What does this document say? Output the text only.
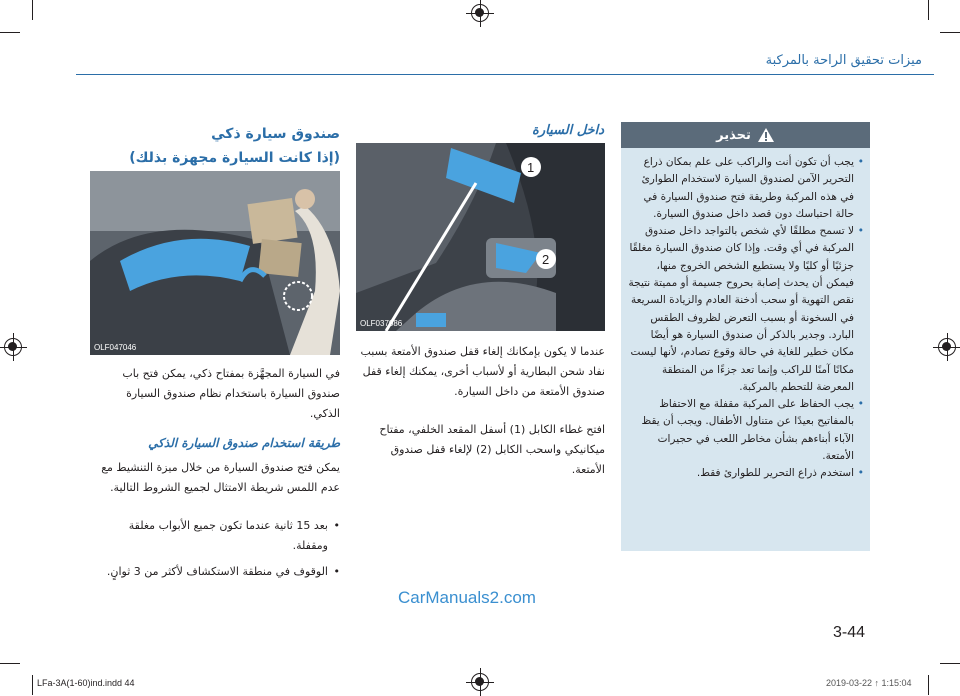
ميزات تحقيق الراحة بالمركبة
تحذير
• يجب أن تكون أنت والراكب على علم بمكان ذراع التحرير الآمن لصندوق السيارة لاستخدام الطوارئ في هذه المركبة وطريقة فتح صندوق السيارة في حالة احتباسك دون قصد داخل صندوق السيارة.
• لا تسمح مطلقًا لأي شخص بالتواجد داخل صندوق المركبة في أي وقت. وإذا كان صندوق السيارة مغلقًا جزئيًا أو كليًا ولا يستطيع الشخص الخروج منها، فيمكن أن يحدث إصابة بحروح جسيمة أو مميتة نتيجة نقص التهوية أو سحب أدخنة العادم والزيادة السريعة في السخونة أو بسبب التعرض لظروف الطقس البارد. وجدير بالذكر أن صندوق السيارة هو أيضًا مكان خطير للغاية في حالة وقوع تصادم، لأنها ليست مكانًا آمنًا للراكب وإنما تعد جزءًا من المنطقة المعرضة للتحطم بالمركبة.
• يجب الحفاظ على المركبة مقفلة مع الاحتفاظ بالمفاتيح بعيدًا عن متناول الأطفال. ويجب أن يقظ الآباء أبناءهم بشأن مخاطر اللعب في حجيرات الأمتعة.
• استخدم ذراع التحرير للطوارئ فقط.
داخل السيارة
1
2
OLF037086
عندما لا يكون بإمكانك إلغاء قفل صندوق الأمتعة بسبب نفاد شحن البطارية أو لأسباب أخرى، يمكنك إلغاء قفل صندوق الأمتعة من داخل السيارة.
افتح غطاء الكابل (1) أسفل المقعد الخلفي، مفتاح ميكانيكي واسحب الكابل (2) لإلغاء قفل صندوق الأمتعة.
صندوق سيارة ذكي
(إذا كانت السيارة مجهزة بذلك)
OLF047046
في السيارة المجهَّزة بمفتاح ذكي، يمكن فتح باب صندوق السيارة باستخدام نظام صندوق السيارة الذكي.
طريقة استخدام صندوق السيارة الذكي
يمكن فتح صندوق السيارة من خلال ميزة التنشيط مع عدم اللمس شريطة الامتثال لجميع الشروط التالية.
• بعد 15 ثانية عندما تكون جميع الأبواب مغلقة ومقفلة.
• الوقوف في منطقة الاستكشاف لأكثر من 3 ثوانٍ.
CarManuals2.com
3-44
LFa-3A(1-60)ind.indd 44	2019-03-22 ↑ 1:15:04
